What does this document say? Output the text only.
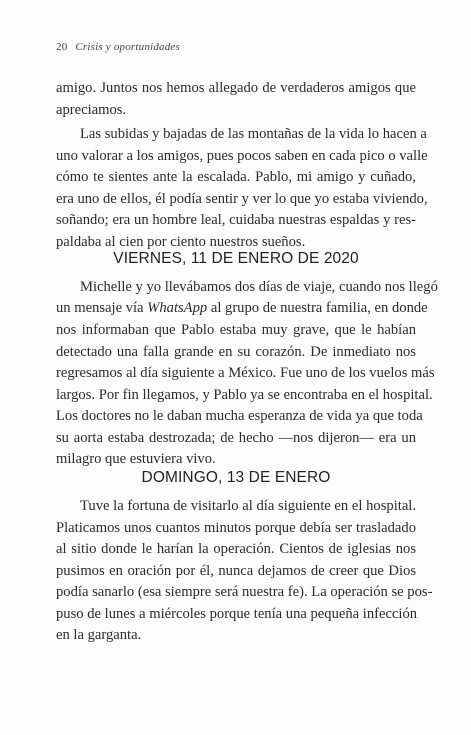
20 Crisis y oportunidades
amigo. Juntos nos hemos allegado de verdaderos amigos que
apreciamos.
Las subidas y bajadas de las montañas de la vida lo hacen a
uno valorar a los amigos, pues pocos saben en cada pico o valle
cómo te sientes ante la escalada. Pablo, mi amigo y cuñado,
era uno de ellos, él podía sentir y ver lo que yo estaba viviendo,
soñando; era un hombre leal, cuidaba nuestras espaldas y res-
paldaba al cien por ciento nuestros sueños.
VIERNES, 11 DE ENERO DE 2020
Michelle y yo llevábamos dos días de viaje, cuando nos llegó
un mensaje vía WhatsApp al grupo de nuestra familia, en donde
nos informaban que Pablo estaba muy grave, que le habían
detectado una falla grande en su corazón. De inmediato nos
regresamos al día siguiente a México. Fue uno de los vuelos más
largos. Por fin llegamos, y Pablo ya se encontraba en el hospital.
Los doctores no le daban mucha esperanza de vida ya que toda
su aorta estaba destrozada; de hecho —nos dijeron— era un
milagro que estuviera vivo.
DOMINGO, 13 DE ENERO
Tuve la fortuna de visitarlo al día siguiente en el hospital.
Platicamos unos cuantos minutos porque debía ser trasladado
al sitio donde le harían la operación. Cientos de iglesias nos
pusimos en oración por él, nunca dejamos de creer que Dios
podía sanarlo (esa siempre será nuestra fe). La operación se pos-
puso de lunes a miércoles porque tenía una pequeña infección
en la garganta.
